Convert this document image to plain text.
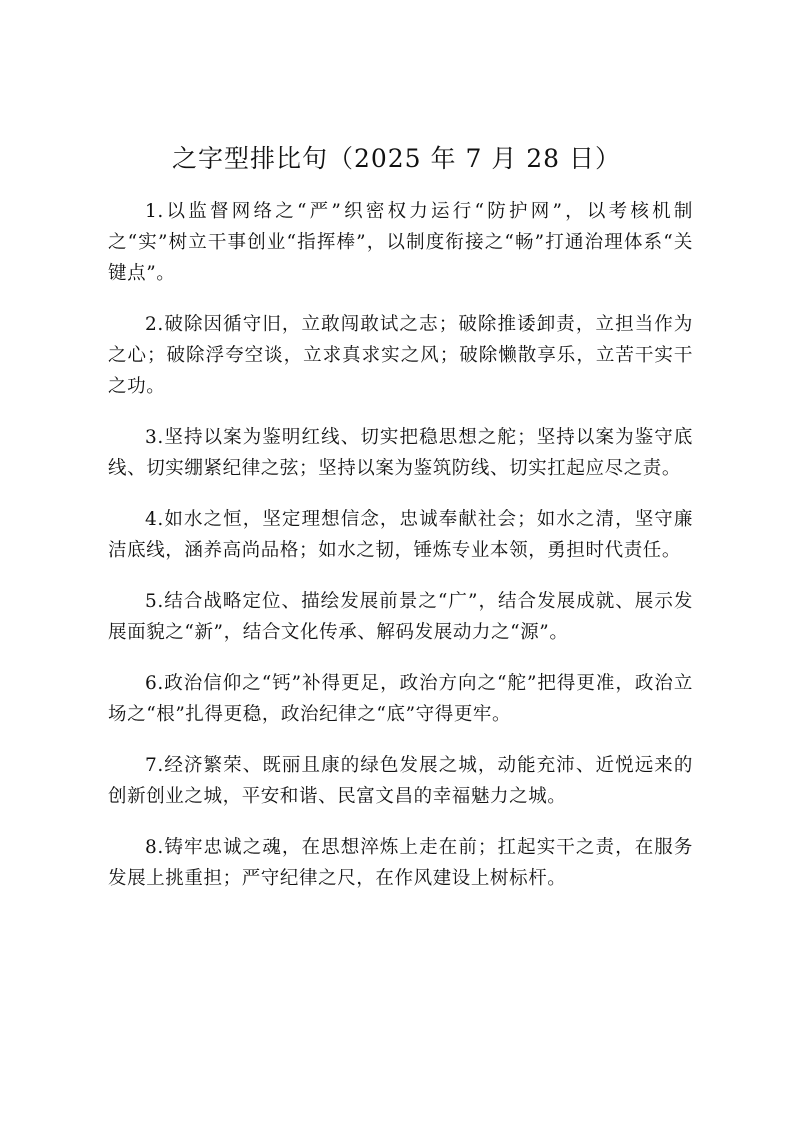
之字型排比句（2025 年 7 月 28 日）

1.以监督网络之“严”织密权力运行“防护网”，以考核机制之“实”树立干事创业“指挥棒”，以制度衔接之“畅”打通治理体系“关键点”。

2.破除因循守旧，立敢闯敢试之志；破除推诿卸责，立担当作为之心；破除浮夸空谈，立求真求实之风；破除懒散享乐，立苦干实干之功。

3.坚持以案为鉴明红线、切实把稳思想之舵；坚持以案为鉴守底线、切实绷紧纪律之弦；坚持以案为鉴筑防线、切实扛起应尽之责。

4.如水之恒，坚定理想信念，忠诚奉献社会；如水之清，坚守廉洁底线，涵养高尚品格；如水之韧，锤炼专业本领，勇担时代责任。

5.结合战略定位、描绘发展前景之“广”，结合发展成就、展示发展面貌之“新”，结合文化传承、解码发展动力之“源”。

6.政治信仰之“钙”补得更足，政治方向之“舵”把得更准，政治立场之“根”扎得更稳，政治纪律之“底”守得更牢。

7.经济繁荣、既丽且康的绿色发展之城，动能充沛、近悦远来的创新创业之城，平安和谐、民富文昌的幸福魅力之城。

8.铸牢忠诚之魂，在思想淬炼上走在前；扛起实干之责，在服务发展上挑重担；严守纪律之尺，在作风建设上树标杆。
